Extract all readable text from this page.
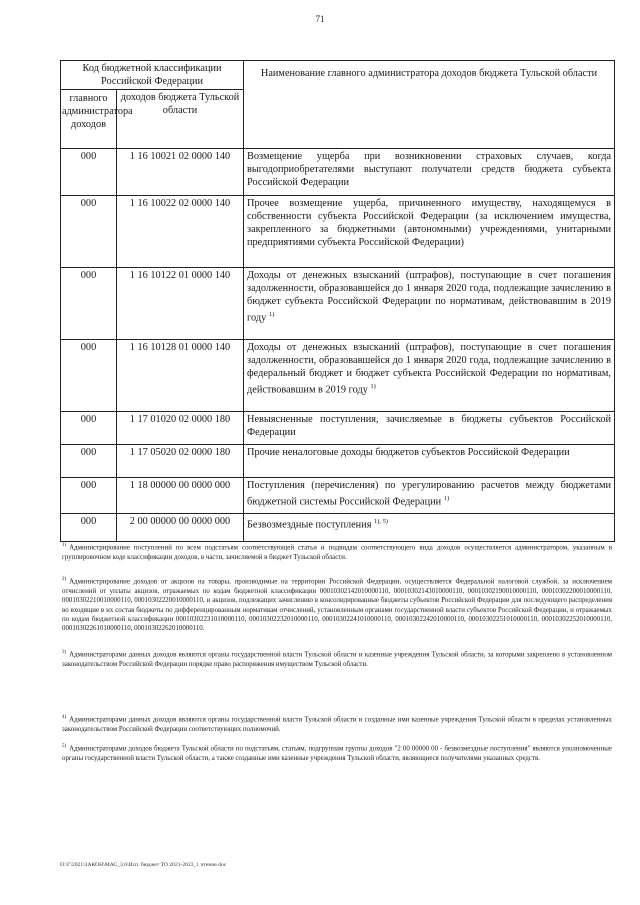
71
Код бюджетной классификации Российской Федерации		Наименование главного администратора доходов бюджета Тульской области
главного администратора доходов	доходов бюджета Тульской области	
000	1 16 10021 02 0000 140	Возмещение ущерба при возникновении страховых случаев, когда выгодоприобретателями выступают получатели средств бюджета субъекта Российской Федерации
000	1 16 10022 02 0000 140	Прочее возмещение ущерба, причиненного имуществу, находящемуся в собственности субъекта Российской Федерации (за исключением имущества, закрепленного за бюджетными (автономными) учреждениями, унитарными предприятиями субъекта Российской Федерации)
000	1 16 10122 01 0000 140	Доходы от денежных взысканий (штрафов), поступающие в счет погашения задолженности, образовавшейся до 1 января 2020 года, подлежащие зачислению в бюджет субъекта Российской Федерации по нормативам, действовавшим в 2019 году $^{1)}$
000	1 16 10128 01 0000 140	Доходы от денежных взысканий (штрафов), поступающие в счет погашения задолженности, образовавшейся до 1 января 2020 года, подлежащие зачислению в федеральный бюджет и бюджет субъекта Российской Федерации по нормативам, действовавшим в 2019 году $^{1)}$
000	1 17 01020 02 0000 180	Невыясненные поступления, зачисляемые в бюджеты субъектов Российской Федерации
000	1 17 05020 02 0000 180	Прочие неналоговые доходы бюджетов субъектов Российской Федерации
000	1 18 00000 00 0000 000	Поступления (перечисления) по урегулированию расчетов между бюджетами бюджетной системы Российской Федерации $^{1)}$
000	2 00 00000 00 0000 000	Безвозмездные поступления $^{1), 5)}$
$^{1)}$ Администрирование поступлений по всем подстатьям соответствующей статьи и подвидам соответствующего вида доходов осуществляется администратором, указанным в группировочном коде классификации доходов, в части, зачисляемой в бюджет Тульской области.
$^{2)}$ Администрирование доходов от акцизов на товары, производимые на территории Российской Федерации, осуществляется Федеральной налоговой службой, за исключением отчислений от уплаты акцизов, отражаемых по кодам бюджетной классификации 00010302142010000110, 00010302143010000110, 00010302190010000110, 00010302200010000110, 00010302210010000110, 00010302220010000110, и акцизов, подлежащих зачислению в консолидированные бюджеты субъектов Российской Федерации для последующего распределения во входящие в их состав бюджеты по дифференцированным нормативам отчислений, установленным органами государственной власти субъектов Российской Федерации, и отражаемых по кодам бюджетной классификации 00010302231010000110, 00010302232010000110, 00010302241010000110, 00010302242010000110, 00010302251010000110, 00010302252010000110, 00010302261010000110, 00010302262010000110.
$^{3)}$ Администраторами данных доходов являются органы государственной власти Тульской области и казенные учреждения Тульской области, за которыми закреплено в установленном законодательством Российской Федерации порядке право распоряжения имуществом Тульской области.
$^{4)}$ Администраторами данных доходов являются органы государственной власти Тульской области и созданные ими казенные учреждения Тульской области в пределах установленных законодательством Российской Федерации соответствующих полномочий.
$^{5)}$ Администраторами доходов бюджета Тульской области по подстатьям, статьям, подгруппам группы доходов "2 00 00000 00 - безвозмездные поступления" являются уполномоченные органы государственной власти Тульской области, а также созданные ими казенные учреждения Тульской области, являющиеся получателями указанных средств.
D:\Г\2021\ЗАКОН\МАС_3.6\Исп. бюджет ТО 2021-2023_1 чтение.doc
